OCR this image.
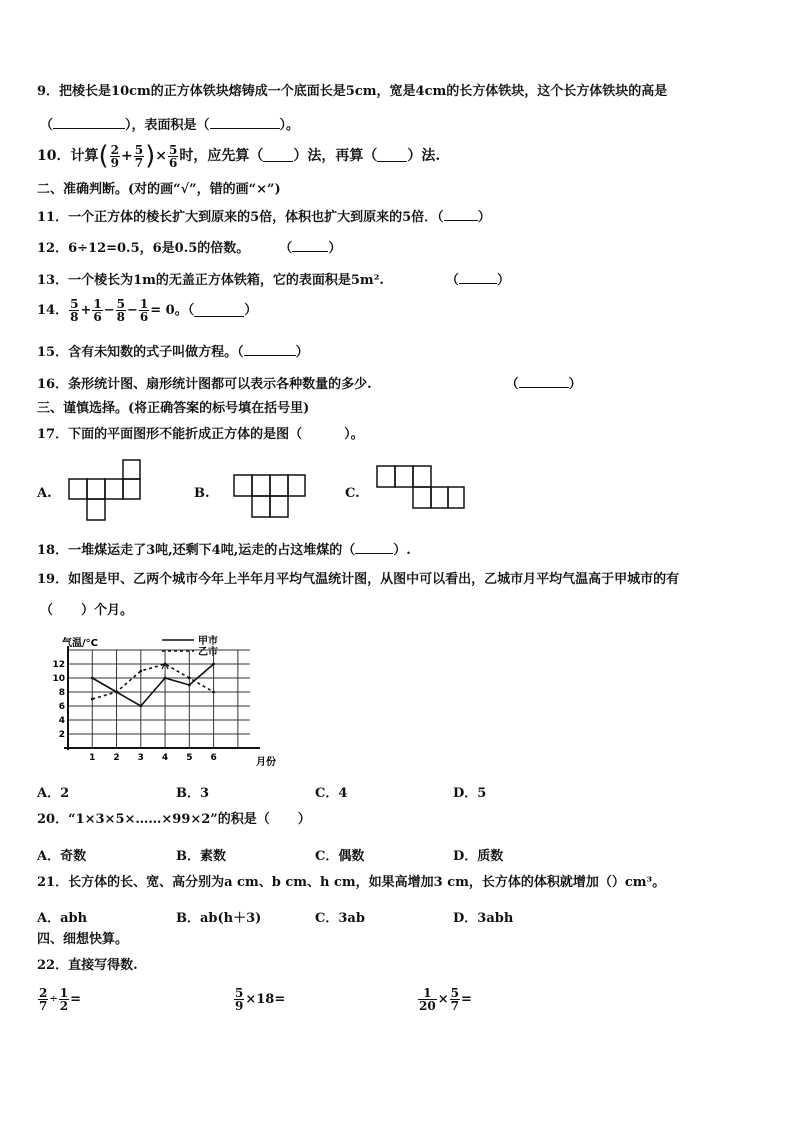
9．把棱长是10cm的正方体铁块熔铸成一个底面长是5cm，宽是4cm的长方体铁块，这个长方体铁块的高是
（	），表面积是（	）。
10．计算( $\frac{2}{9} + \frac{5}{7}$ )× $\frac{5}{6}$ 时，应先算（ ）法，再算（ ）法.
二、准确判断。(对的画“√”，错的画“×”)
11．一个正方体的棱长扩大到原来的5倍，体积也扩大到原来的5倍．（	）
12．6÷12=0.5，6是0.5的倍数。 （	）
13．一个棱长为1m的无盖正方体铁箱，它的表面积是5m².	（	）
14． $\frac{5}{8} + \frac{1}{6} - \frac{5}{8} - \frac{1}{6} = 0$。（	）
15．含有未知数的式子叫做方程。（	）
16．条形统计图、扇形统计图都可以表示各种数量的多少.	（	）
三、谨慎选择。(将正确答案的标号填在括号里)
17．下面的平面图形不能折成正方体的是图（	）。
A.	B.	C.
18．一堆煤运走了3吨,还剩下4吨,运走的占这堆煤的（	）.
19．如图是甲、乙两个城市今年上半年月平均气温统计图，从图中可以看出，乙城市月平均气温高于甲城市的有
（ ）个月。
气温/°C	甲市
乙市
2
4
6
8
10
12
1 2 3 4 5 6	月份
A．2	B．3	C．4	D．5
20．“1×3×5×……×99×2”的积是（ ）
A．奇数	B．素数	C．偶数	D．质数
21．长方体的长、宽、高分别为a cm、b cm、h cm，如果高增加3 cm，长方体的体积就增加（）cm³。
A．abh	B．ab(h＋3)	C．3ab	D．3abh
四、细想快算。
22．直接写得数.
$\frac{2}{7} \div \frac{1}{2}$ =	$\frac{5}{9} \times 18=$	$\frac{1}{20} \times \frac{5}{7}$ =
